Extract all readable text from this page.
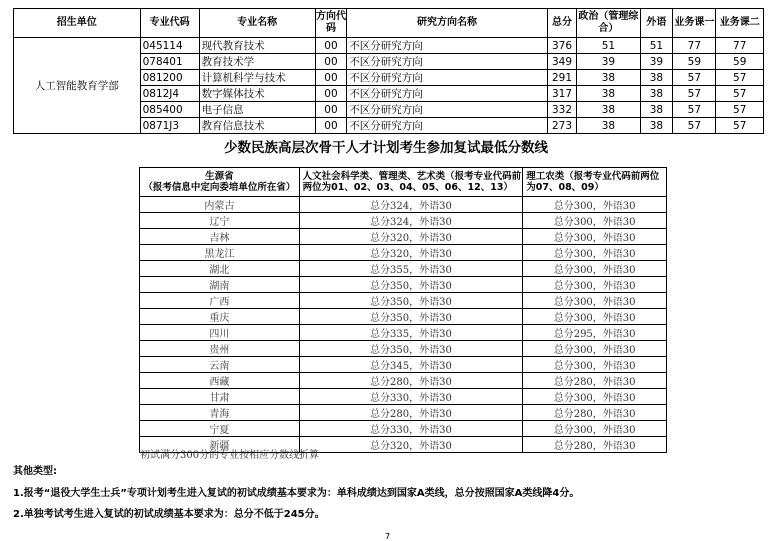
招生单位	专业代码	专业名称	方向代码	研究方向名称	总分	政治（管理综合）	外语	业务课一	业务课二
人工智能教育学部	045114	现代教育技术	00	不区分研究方向	376	51	51	77	77
	078401	教育技术学	00	不区分研究方向	349	39	39	59	59
	081200	计算机科学与技术	00	不区分研究方向	291	38	38	57	57
	0812J4	数字媒体技术	00	不区分研究方向	317	38	38	57	57
	085400	电子信息	00	不区分研究方向	332	38	38	57	57
	0871J3	教育信息技术	00	不区分研究方向	273	38	38	57	57
少数民族高层次骨干人才计划考生参加复试最低分数线
生源省
（报考信息中定向委培单位所在省）	人文社会科学类、管理类、艺术类（报考专业代码前两位为01、02、03、04、05、06、12、13）	理工农类（报考专业代码前两位为07、08、09）
内蒙古	总分324，外语30	总分300，外语30
辽宁	总分324，外语30	总分300，外语30
吉林	总分320，外语30	总分300，外语30
黑龙江	总分320，外语30	总分300，外语30
湖北	总分355，外语30	总分300，外语30
湖南	总分350，外语30	总分300，外语30
广西	总分350，外语30	总分300，外语30
重庆	总分350，外语30	总分300，外语30
四川	总分335，外语30	总分295，外语30
贵州	总分350，外语30	总分300，外语30
云南	总分345，外语30	总分300，外语30
西藏	总分280，外语30	总分280，外语30
甘肃	总分330，外语30	总分300，外语30
青海	总分280，外语30	总分280，外语30
宁夏	总分330，外语30	总分300，外语30
新疆	总分320，外语30	总分280，外语30
初试满分300分的专业按相应分数线折算
其他类型:
1.报考“退役大学生士兵”专项计划考生进入复试的初试成绩基本要求为：单科成绩达到国家A类线，总分按照国家A类线降4分。
2.单独考试考生进入复试的初试成绩基本要求为：总分不低于245分。
7
